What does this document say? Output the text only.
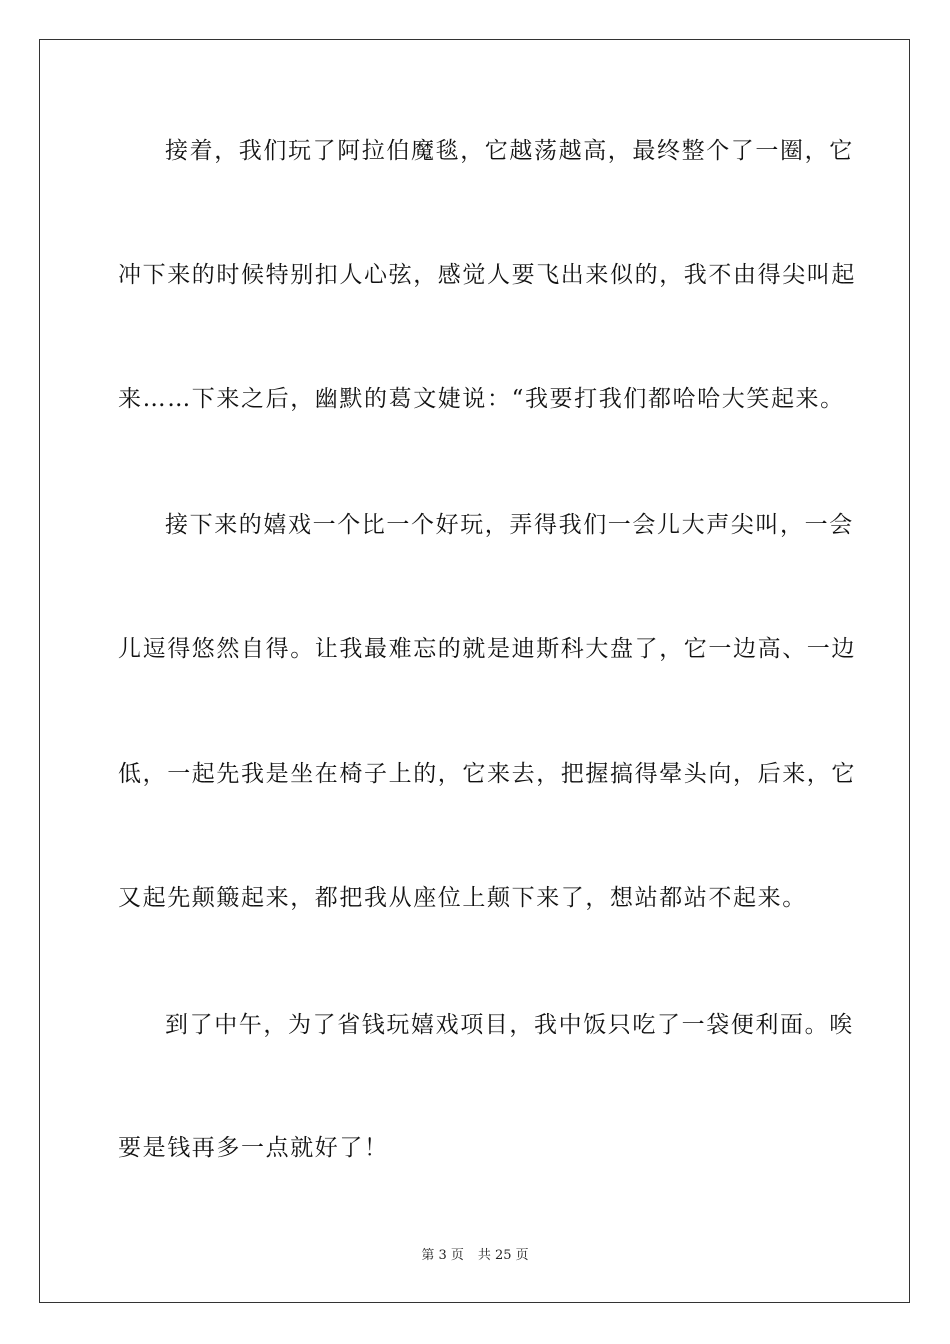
接着，我们玩了阿拉伯魔毯，它越荡越高，最终整个了一圈，它
冲下来的时候特别扣人心弦，感觉人要飞出来似的，我不由得尖叫起
来……下来之后，幽默的葛文婕说：“我要打我们都哈哈大笑起来。
接下来的嬉戏一个比一个好玩，弄得我们一会儿大声尖叫，一会
儿逗得悠然自得。让我最难忘的就是迪斯科大盘了，它一边高、一边
低，一起先我是坐在椅子上的，它来去，把握搞得晕头向，后来，它
又起先颠簸起来，都把我从座位上颠下来了，想站都站不起来。
到了中午，为了省钱玩嬉戏项目，我中饭只吃了一袋便利面。唉
要是钱再多一点就好了！
第 3 页 共 25 页
